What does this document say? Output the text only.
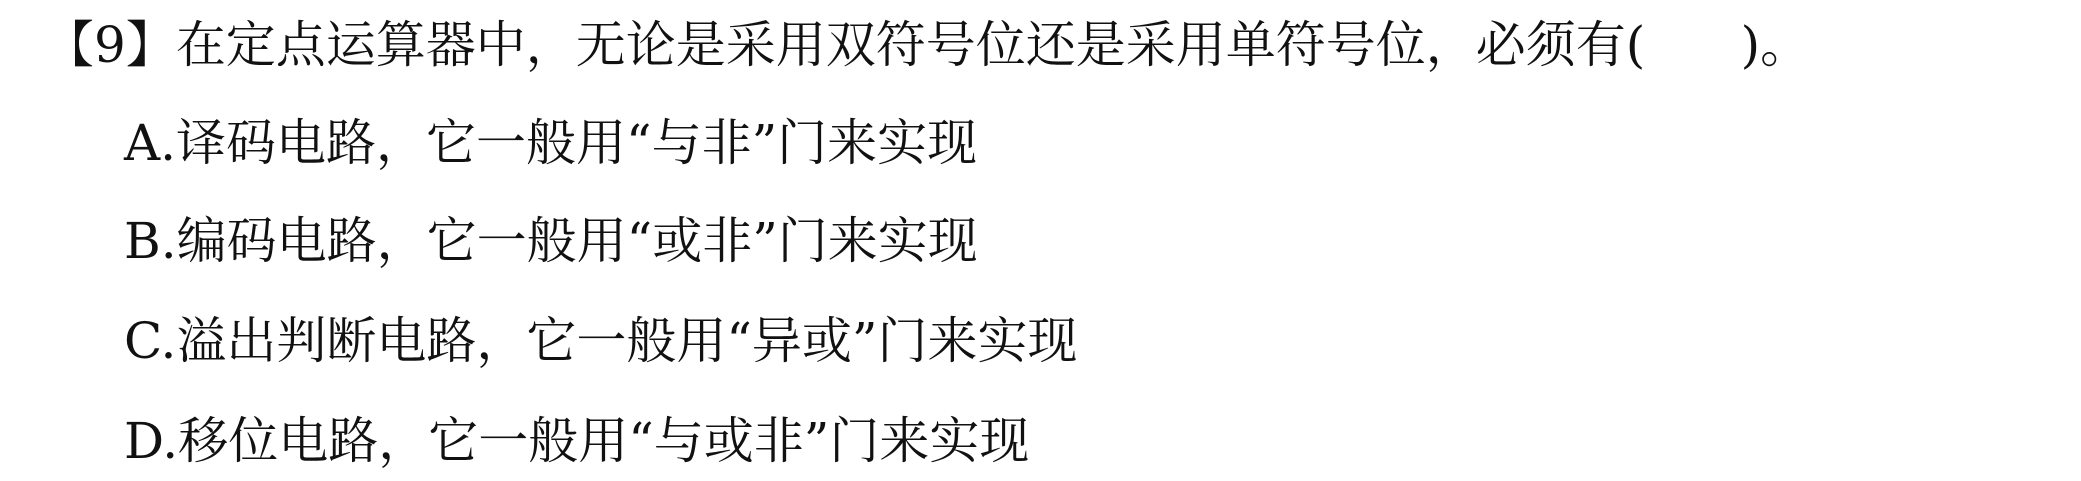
【9】在定点运算器中，无论是采用双符号位还是采用单符号位，必须有(      )。
A.译码电路，它一般用“与非”门来实现
B.编码电路，它一般用“或非”门来实现
C.溢出判断电路，它一般用“异或”门来实现
D.移位电路，它一般用“与或非”门来实现
